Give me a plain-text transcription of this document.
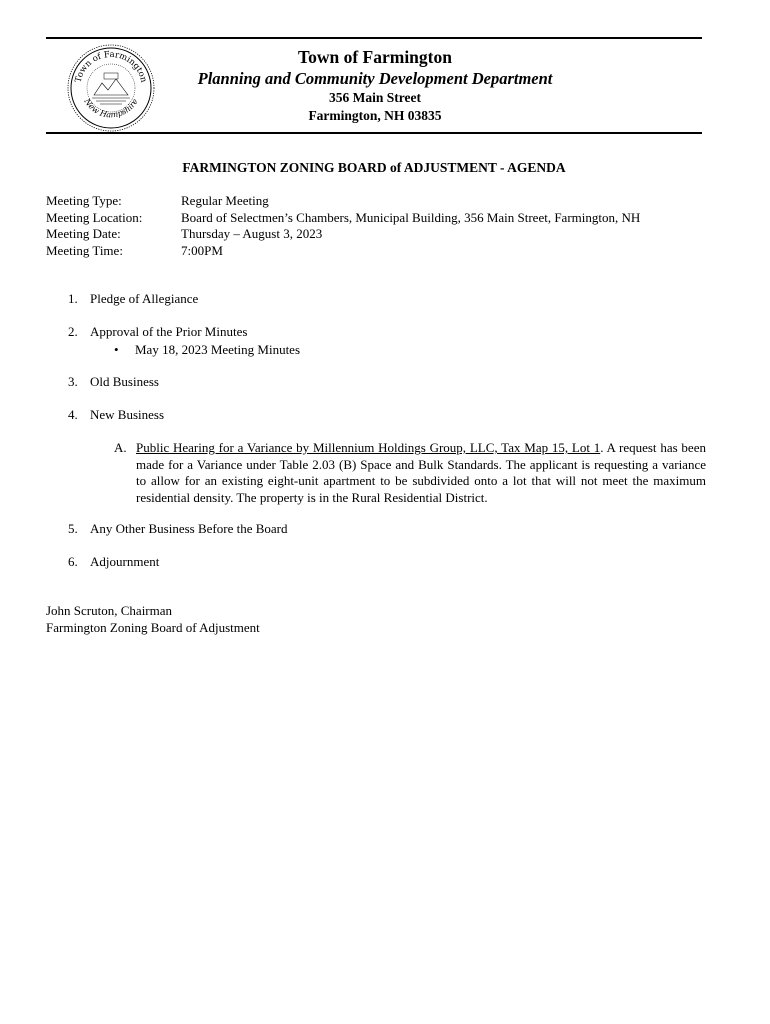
Town of Farmington
New Hampshire
Town of Farmington
Planning and Community Development Department
356 Main Street
Farmington, NH 03835
FARMINGTON ZONING BOARD of ADJUSTMENT - AGENDA
Meeting Type:	Regular Meeting
Meeting Location:	Board of Selectmen’s Chambers, Municipal Building, 356 Main Street, Farmington, NH
Meeting Date:	Thursday – August 3, 2023
Meeting Time:	7:00PM
1. Pledge of Allegiance
2. Approval of the Prior Minutes
• May 18, 2023 Meeting Minutes
3. Old Business
4. New Business
A. Public Hearing for a Variance by Millennium Holdings Group, LLC, Tax Map 15, Lot 1. A request has been made for a Variance under Table 2.03 (B) Space and Bulk Standards. The applicant is requesting a variance to allow for an existing eight-unit apartment to be subdivided onto a lot that will not meet the maximum residential density. The property is in the Rural Residential District.
5. Any Other Business Before the Board
6. Adjournment
John Scruton, Chairman
Farmington Zoning Board of Adjustment
